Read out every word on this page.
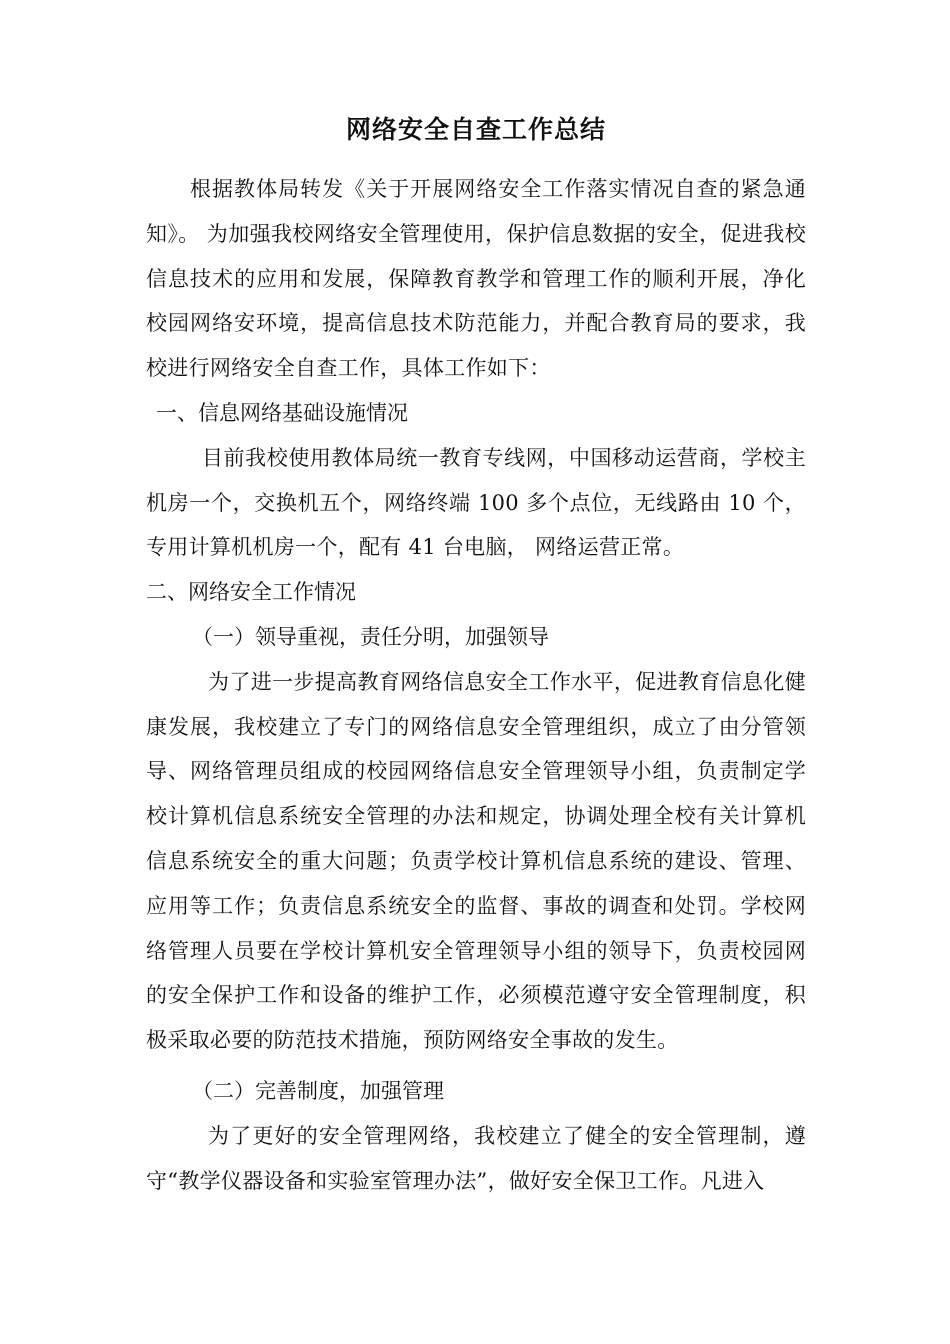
网络安全自查工作总结

根据教体局转发《关于开展网络安全工作落实情况自查的紧急通知》。 为加强我校网络安全管理使用，保护信息数据的安全，促进我校信息技术的应用和发展，保障教育教学和管理工作的顺利开展，净化校园网络安环境，提高信息技术防范能力，并配合教育局的要求，我校进行网络安全自查工作，具体工作如下：

一、信息网络基础设施情况

目前我校使用教体局统一教育专线网，中国移动运营商，学校主机房一个，交换机五个，网络终端 100 多个点位，无线路由 10 个，专用计算机机房一个，配有 41 台电脑， 网络运营正常。

二、网络安全工作情况

（一）领导重视，责任分明，加强领导

为了进一步提高教育网络信息安全工作水平，促进教育信息化健康发展，我校建立了专门的网络信息安全管理组织，成立了由分管领导、网络管理员组成的校园网络信息安全管理领导小组，负责制定学校计算机信息系统安全管理的办法和规定，协调处理全校有关计算机信息系统安全的重大问题；负责学校计算机信息系统的建设、管理、应用等工作；负责信息系统安全的监督、事故的调查和处罚。学校网络管理人员要在学校计算机安全管理领导小组的领导下，负责校园网的安全保护工作和设备的维护工作，必须模范遵守安全管理制度，积极采取必要的防范技术措施，预防网络安全事故的发生。

（二）完善制度，加强管理

为了更好的安全管理网络，我校建立了健全的安全管理制，遵守“教学仪器设备和实验室管理办法”，做好安全保卫工作。凡进入
